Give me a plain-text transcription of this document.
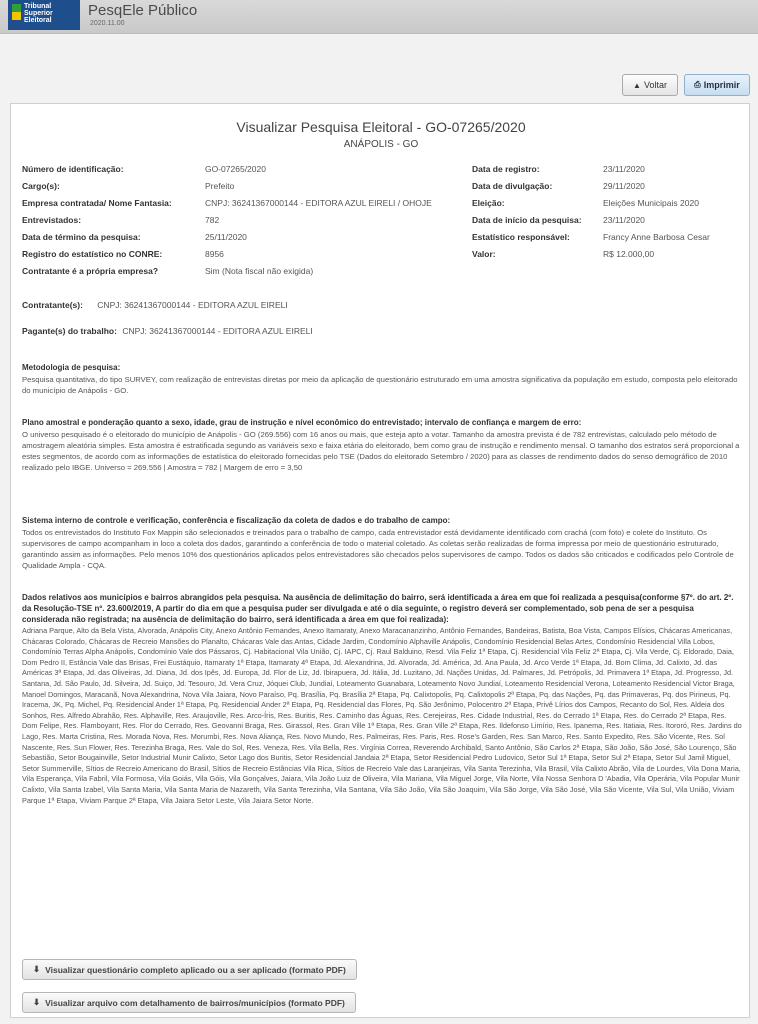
Tribunal
Superior
Eleitoral
PesqEle Público
2020.11.00
▲ Voltar	⎙ Imprimir
Visualizar Pesquisa Eleitoral - GO-07265/2020
ANÁPOLIS - GO
Número de identificação:	GO-07265/2020
Cargo(s):	Prefeito
Empresa contratada/ Nome Fantasia:	CNPJ: 36241367000144 - EDITORA AZUL EIRELI / OHOJE
Entrevistados:	782
Data de término da pesquisa:	25/11/2020
Registro do estatístico no CONRE:	8956
Contratante é a própria empresa?	Sim (Nota fiscal não exigida)
Data de registro:	23/11/2020
Data de divulgação:	29/11/2020
Eleição:	Eleições Municipais 2020
Data de início da pesquisa:	23/11/2020
Estatístico responsável:	Francy Anne Barbosa Cesar
Valor:	R$ 12.000,00
Contratante(s): CNPJ: 36241367000144 - EDITORA AZUL EIRELI
Pagante(s) do trabalho: CNPJ: 36241367000144 - EDITORA AZUL EIRELI
Metodologia de pesquisa:
Pesquisa quantitativa, do tipo SURVEY, com realização de entrevistas diretas por meio da aplicação de questionário estruturado em uma amostra significativa da população em estudo, composta pelo eleitorado do município de Anápolis - GO.
Plano amostral e ponderação quanto a sexo, idade, grau de instrução e nível econômico do entrevistado; intervalo de confiança e margem de erro:
O universo pesquisado é o eleitorado do município de Anápolis - GO (269.556) com 16 anos ou mais, que esteja apto a votar. Tamanho da amostra prevista é de 782 entrevistas, calculado pelo método de amostragem aleatória simples. Esta amostra é estratificada segundo as variáveis sexo e faixa etária do eleitorado, bem como grau de instrução e rendimento mensal. O tamanho dos estratos será proporcional a estes segmentos, de acordo com as informações de estatística do eleitorado fornecidas pelo TSE (Dados do eleitorado Setembro / 2020) para as classes de rendimento dados do senso demográfico de 2010 realizado pelo IBGE. Universo = 269.556 | Amostra = 782 | Margem de erro = 3,50
Sistema interno de controle e verificação, conferência e fiscalização da coleta de dados e do trabalho de campo:
Todos os entrevistados do Instituto Fox Mappin são selecionados e treinados para o trabalho de campo, cada entrevistador está devidamente identificado com crachá (com foto) e colete do Instituto. Os supervisores de campo acompanham in loco a coleta dos dados, garantindo a conferência de todo o material coletado. As coletas serão realizadas de forma impressa por meio de questionário estruturado, garantindo assim as informações. Pelo menos 10% dos questionários aplicados pelos entrevistadores são checados pelos supervisores de campo. Todos os dados são criticados e codificados pelo Controle de Qualidade Ampla - CQA.
Dados relativos aos municípios e bairros abrangidos pela pesquisa. Na ausência de delimitação do bairro, será identificada a área em que foi realizada a pesquisa(conforme §7º. do art. 2º. da Resolução-TSE nº. 23.600/2019, A partir do dia em que a pesquisa puder ser divulgada e até o dia seguinte, o registro deverá ser complementado, sob pena de ser a pesquisa considerada não registrada; na ausência de delimitação do bairro, será identificada a área em que foi realizada):
Adriana Parque, Alto da Bela Vista, Alvorada, Anápolis City, Anexo Antônio Fernandes, Anexo Itamaraty, Anexo Maracananzinho, Antônio Fernandes, Bandeiras, Batista, Boa Vista, Campos Elísios, Chácaras Americanas, Chácaras Colorado, Chácaras de Recreio Mansões do Planalto, Chácaras Vale das Antas, Cidade Jardim, Condomínio Alphaville Anápolis, Condomínio Residencial Belas Artes, Condomínio Residencial Villa Lobos, Condomínio Terras Alpha Anápolis, Condomínio Vale dos Pássaros, Cj. Habitacional Vila União, Cj. IAPC, Cj. Raul Balduino, Resd. Vila Feliz 1ª Etapa, Cj. Residencial Vila Feliz 2ª Etapa, Cj. Vila Verde, Cj. Eldorado, Daia, Dom Pedro II, Estância Vale das Brisas, Frei Eustáquio, Itamaraty 1ª Etapa, Itamaraty 4ª Etapa, Jd. Alexandrina, Jd. Alvorada, Jd. América, Jd. Ana Paula, Jd. Arco Verde 1ª Etapa, Jd. Bom Clima, Jd. Calixto, Jd. das Américas 3ª Etapa, Jd. das Oliveiras, Jd. Diana, Jd. dos Ipês, Jd. Europa, Jd. Flor de Liz, Jd. Ibirapuera, Jd. Itália, Jd. Luzitano, Jd. Nações Unidas, Jd. Palmares, Jd. Petrópolis, Jd. Primavera 1ª Etapa, Jd. Progresso, Jd. Santana, Jd. São Paulo, Jd. Silveira, Jd. Suiço, Jd. Tesouro, Jd. Vera Cruz, Jóquei Club, Jundiaí, Loteamento Guanabara, Loteamento Novo Jundiaí, Loteamento Residencial Verona, Loteamento Residencial Victor Braga, Manoel Domingos, Maracanã, Nova Alexandrina, Nova Vila Jaiara, Novo Paraíso, Pq. Brasília, Pq. Brasília 2ª Etapa, Pq. Calixtopolis, Pq. Calixtopolis 2ª Etapa, Pq. das Nações, Pq. das Primaveras, Pq. dos Pirineus, Pq. Iracema, JK, Pq. Michel, Pq. Residencial Ander 1ª Etapa, Pq. Residencial Ander 2ª Etapa, Pq. Residencial das Flores, Pq. São Jerônimo, Polocentro 2ª Etapa, Privê Lírios dos Campos, Recanto do Sol, Res. Aldeia dos Sonhos, Res. Alfredo Abrahão, Res. Alphaville, Res. Araujoville, Res. Arco-Íris, Res. Buritis, Res. Caminho das Águas, Res. Cerejeiras, Res. Cidade Industrial, Res. do Cerrado 1ª Etapa, Res. do Cerrado 2ª Etapa, Res. Dom Felipe, Res. Flamboyant, Res. Flor do Cerrado, Res. Geovanni Braga, Res. Girassol, Res. Gran Ville 1ª Etapa, Res. Gran Ville 2ª Etapa, Res. Ildefonso Limírio, Res. Ipanema, Res. Itatiaia, Res. Itororó, Res. Jardins do Lago, Res. Marta Cristina, Res. Morada Nova, Res. Morumbi, Res. Nova Aliança, Res. Novo Mundo, Res. Palmeiras, Res. Paris, Res. Rose's Garden, Res. San Marco, Res. Santo Expedito, Res. São Vicente, Res. Sol Nascente, Res. Sun Flower, Res. Terezinha Braga, Res. Vale do Sol, Res. Veneza, Res. Vila Bella, Res. Virgínia Correa, Reverendo Archibald, Santo Antônio, São Carlos 2ª Etapa, São João, São José, São Lourenço, São Sebastião, Setor Bougainville, Setor Industrial Munir Calixto, Setor Lago dos Buritis, Setor Residencial Jandaia 2ª Etapa, Setor Residencial Pedro Ludovico, Setor Sul 1ª Etapa, Setor Sul 2ª Etapa, Setor Sul Jamil Miguel, Setor Summerville, Sítios de Recreio Americano do Brasil, Sítios de Recreio Estâncias Vila Rica, Sítios de Recreio Vale das Laranjeiras, Vila Santa Terezinha, Vila Brasil, Vila Calixto Abrão, Vila de Lourdes, Vila Dona Maria, Vila Esperança, Vila Fabril, Vila Formosa, Vila Goiás, Vila Góis, Vila Gonçalves, Jaiara, Vila João Luiz de Oliveira, Vila Mariana, Vila Miguel Jorge, Vila Norte, Vila Nossa Senhora D 'Abadia, Vila Operária, Vila Popular Munir Calixto, Vila Santa Izabel, Vila Santa Maria, Vila Santa Maria de Nazareth, Vila Santa Terezinha, Vila Santana, Vila São João, Vila São Joaquim, Vila São Jorge, Vila São José, Vila São Vicente, Vila Sul, Vila União, Viviam Parque 1ª Etapa, Viviam Parque 2ª Etapa, Vila Jaiara Setor Leste, Vila Jaiara Setor Norte.
⬇ Visualizar questionário completo aplicado ou a ser aplicado (formato PDF)
⬇ Visualizar arquivo com detalhamento de bairros/municípios (formato PDF)
